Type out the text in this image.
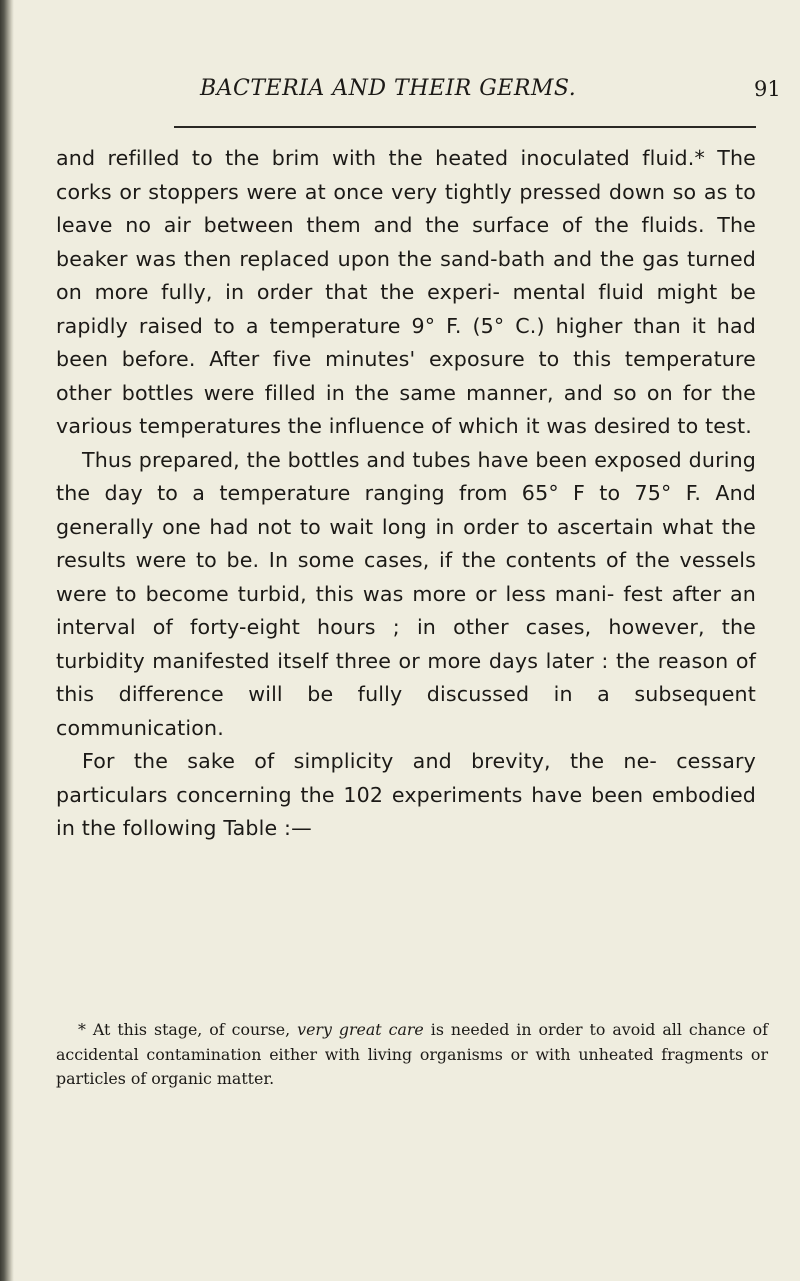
BACTERIA AND THEIR GERMS.	91

and refilled to the brim with the heated inoculated fluid.* The corks or stoppers were at once very tightly pressed down so as to leave no air between them and the surface of the fluids. The beaker was then replaced upon the sand-bath and the gas turned on more fully, in order that the experi- mental fluid might be rapidly raised to a temperature 9° F. (5° C.) higher than it had been before. After five minutes' exposure to this temperature other bottles were filled in the same manner, and so on for the various temperatures the influence of which it was desired to test.

Thus prepared, the bottles and tubes have been exposed during the day to a temperature ranging from 65° F to 75° F. And generally one had not to wait long in order to ascertain what the results were to be. In some cases, if the contents of the vessels were to become turbid, this was more or less mani- fest after an interval of forty-eight hours ; in other cases, however, the turbidity manifested itself three or more days later : the reason of this difference will be fully discussed in a subsequent communication.

For the sake of simplicity and brevity, the ne- cessary particulars concerning the 102 experiments have been embodied in the following Table :—

* At this stage, of course, very great care is needed in order to avoid all chance of accidental contamination either with living organisms or with unheated fragments or particles of organic matter.
